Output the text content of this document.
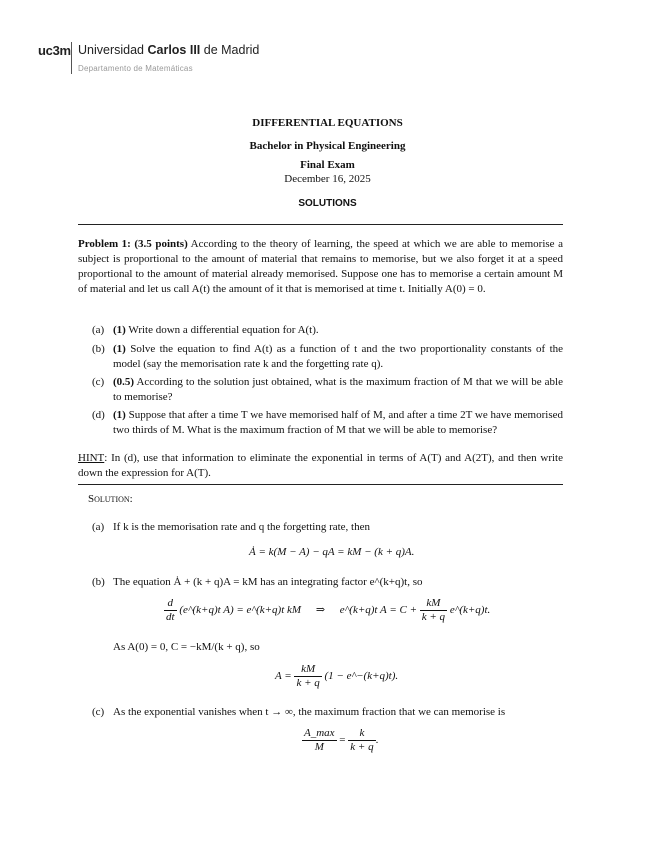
uc3m Universidad Carlos III de Madrid
Departamento de Matemáticas
DIFFERENTIAL EQUATIONS
Bachelor in Physical Engineering
Final Exam
December 16, 2025
SOLUTIONS
Problem 1: (3.5 points) According to the theory of learning, the speed at which we are able to memorise a subject is proportional to the amount of material that remains to memorise, but we also forget it at a speed proportional to the amount of material already memorised. Suppose one has to memorise a certain amount M of material and let us call A(t) the amount of it that is memorised at time t. Initially A(0) = 0.
(a) (1) Write down a differential equation for A(t).
(b) (1) Solve the equation to find A(t) as a function of t and the two proportionality constants of the model (say the memorisation rate k and the forgetting rate q).
(c) (0.5) According to the solution just obtained, what is the maximum fraction of M that we will be able to memorise?
(d) (1) Suppose that after a time T we have memorised half of M, and after a time 2T we have memorised two thirds of M. What is the maximum fraction of M that we will be able to memorise?
HINT: In (d), use that information to eliminate the exponential in terms of A(T) and A(2T), and then write down the expression for A(T).
Solution:
(a) If k is the memorisation rate and q the forgetting rate, then
Ȧ = k(M − A) − qA = kM − (k + q)A.
(b) The equation Ȧ + (k + q)A = kM has an integrating factor e^(k+q)t, so
$\frac{d}{dt}$ (e^(k+q)t A) = e^(k+q)t kM ⇒ e^(k+q)t $A = C + \frac{kM}{k + q}$ e^(k+q)t.
As A(0) = 0, C = −kM/(k + q), so
$A = \frac{kM}{k + q} (1$ − e^−(k+q)t).
(c) As the exponential vanishes when t → ∞, the maximum fraction that we can memorise is
$\frac{A\_\max}{M} = \frac{k}{k + q}$ .
